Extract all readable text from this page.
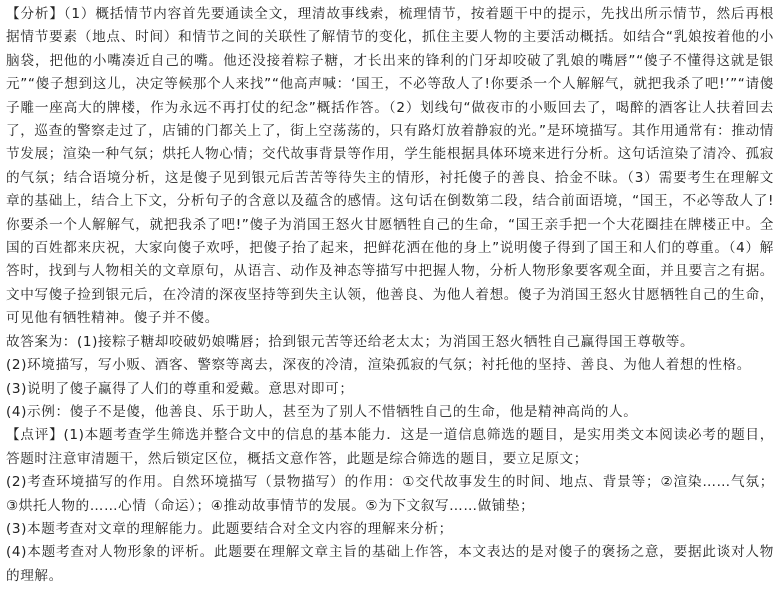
【分析】（1）概括情节内容首先要通读全文，理清故事线索，梳理情节，按着题干中的提示，先找出所示情节，然后再根据情节要素（地点、时间）和情节之间的关联性了解情节的变化，抓住主要人物的主要活动概括。如结合“乳娘按着他的小脑袋，把他的小嘴凑近自己的嘴。他还没接着粽子糖，才长出来的锋利的门牙却咬破了乳娘的嘴唇”“傻子不懂得这就是银元”“傻子想到这儿，决定等候那个人来找”“他高声喊：‘国王，不必等敌人了!你要杀一个人解解气，就把我杀了吧!’”“请傻子雕一座高大的牌楼，作为永远不再打仗的纪念”概括作答。（2）划线句“做夜市的小贩回去了，喝醉的酒客让人扶着回去了，巡查的警察走过了，店铺的门都关上了，街上空荡荡的，只有路灯放着静寂的光。”是环境描写。其作用通常有：推动情节发展；渲染一种气氛；烘托人物心情；交代故事背景等作用，学生能根据具体环境来进行分析。这句话渲染了清冷、孤寂的气氛；结合语境分析，这是傻子见到银元后苦苦等待失主的情形，衬托傻子的善良、拾金不昧。（3）需要考生在理解文章的基础上，结合上下文，分析句子的含意以及蕴含的感情。这句话在倒数第二段，结合前面语境，“国王，不必等敌人了!你要杀一个人解解气，就把我杀了吧!”傻子为消国王怒火甘愿牺牲自己的生命，“国王亲手把一个大花圈挂在牌楼正中。全国的百姓都来庆祝，大家向傻子欢呼，把傻子抬了起来，把鲜花洒在他的身上”说明傻子得到了国王和人们的尊重。（4）解答时，找到与人物相关的文章原句，从语言、动作及神态等描写中把握人物，分析人物形象要客观全面，并且要言之有据。文中写傻子捡到银元后，在冷清的深夜坚持等到失主认领，他善良、为他人着想。傻子为消国王怒火甘愿牺牲自己的生命，可见他有牺牲精神。傻子并不傻。

故答案为：(1)接粽子糖却咬破奶娘嘴唇；拾到银元苦等还给老太太；为消国王怒火牺牲自己赢得国王尊敬等。

(2)环境描写，写小贩、酒客、警察等离去，深夜的冷清，渲染孤寂的气氛；衬托他的坚持、善良、为他人着想的性格。

(3)说明了傻子赢得了人们的尊重和爱戴。意思对即可；

(4)示例：傻子不是傻，他善良、乐于助人，甚至为了别人不惜牺牲自己的生命，他是精神高尚的人。

【点评】(1)本题考查学生筛选并整合文中的信息的基本能力．这是一道信息筛选的题目，是实用类文本阅读必考的题目，答题时注意审清题干，然后锁定区位，概括文意作答，此题是综合筛选的题目，要立足原文；

(2)考查环境描写的作用。自然环境描写（景物描写）的作用：①交代故事发生的时间、地点、背景等；②渲染……气氛；③烘托人物的……心情（命运）；④推动故事情节的发展。⑤为下文叙写……做铺垫；

(3)本题考查对文章的理解能力。此题要结合对全文内容的理解来分析；

(4)本题考查对人物形象的评析。此题要在理解文章主旨的基础上作答，本文表达的是对傻子的褒扬之意，要据此谈对人物的理解。
